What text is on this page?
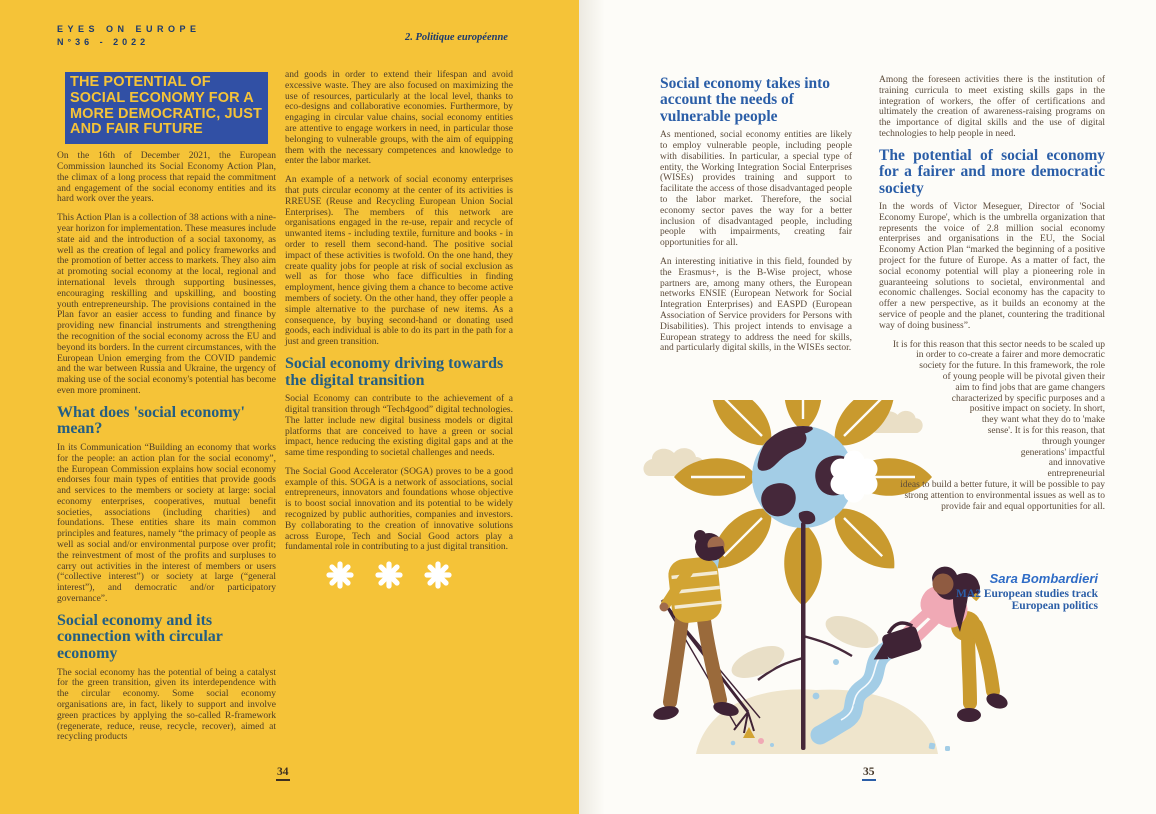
EYES ON EUROPE
N°36 - 2022	2. Politique européenne
THE POTENTIAL OF SOCIAL ECONOMY FOR A MORE DEMOCRATIC, JUST AND FAIR FUTURE

On the 16th of December 2021, the European Commission launched its Social Economy Action Plan, the climax of a long process that repaid the commitment and engagement of the social economy entities and its hard work over the years.

This Action Plan is a collection of 38 actions with a nine-year horizon for implementation. These measures include state aid and the introduction of a social taxonomy, as well as the creation of legal and policy frameworks and the promotion of better access to markets. They also aim at promoting social economy at the local, regional and international levels through supporting businesses, encouraging reskilling and upskilling, and boosting youth entrepreneurship. The provisions contained in the Plan favor an easier access to funding and finance by providing new financial instruments and strengthening the recognition of the social economy across the EU and beyond its borders. In the current circumstances, with the European Union emerging from the COVID pandemic and the war between Russia and Ukraine, the urgency of making use of the social economy's potential has become even more prominent.

What does 'social economy' mean?

In its Communication “Building an economy that works for the people: an action plan for the social economy”, the European Commission explains how social economy endorses four main types of entities that provide goods and services to the members or society at large: social economy enterprises, cooperatives, mutual benefit societies, associations (including charities) and foundations. These entities share its main common principles and features, namely “the primacy of people as well as social and/or environmental purpose over profit; the reinvestment of most of the profits and surpluses to carry out activities in the interest of members or users (“collective interest”) or society at large (“general interest”), and democratic and/or participatory governance”.

Social economy and its connection with circular economy

The social economy has the potential of being a catalyst for the green transition, given its interdependence with the circular economy. Some social economy organisations are, in fact, likely to support and involve green practices by applying the so-called R-framework (regenerate, reduce, reuse, recycle, recover), aimed at recycling products

and goods in order to extend their lifespan and avoid excessive waste. They are also focused on maximizing the use of resources, particularly at the local level, thanks to eco-designs and collaborative economies. Furthermore, by engaging in circular value chains, social economy entities are attentive to engage workers in need, in particular those belonging to vulnerable groups, with the aim of equipping them with the necessary competences and knowledge to enter the labor market.

An example of a network of social economy enterprises that puts circular economy at the center of its activities is RREUSE (Reuse and Recycling European Union Social Enterprises). The members of this network are organisations engaged in the re-use, repair and recycle of unwanted items - including textile, furniture and books - in order to resell them second-hand. The positive social impact of these activities is twofold. On the one hand, they create quality jobs for people at risk of social exclusion as well as for those who face difficulties in finding employment, hence giving them a chance to become active members of society. On the other hand, they offer people a simple alternative to the purchase of new items. As a consequence, by buying second-hand or donating used goods, each individual is able to do its part in the path for a just and green transition.

Social economy driving towards the digital transition

Social Economy can contribute to the achievement of a digital transition through “Tech4good” digital technologies. The latter include new digital business models or digital platforms that are conceived to have a green or social impact, hence reducing the existing digital gaps and at the same time responding to societal challenges and needs.

The Social Good Accelerator (SOGA) proves to be a good example of this. SOGA is a network of associations, social entrepreneurs, innovators and foundations whose objective is to boost social innovation and its potential to be widely recognized by public authorities, companies and investors. By collaborating to the creation of innovative solutions across Europe, Tech and Social Good actors play a fundamental role in contributing to a just digital transition.

34
Social economy takes into account the needs of vulnerable people

As mentioned, social economy entities are likely to employ vulnerable people, including people with disabilities. In particular, a special type of entity, the Working Integration Social Enterprises (WISEs) provides training and support to facilitate the access of those disadvantaged people to the labor market. Therefore, the social economy sector paves the way for a better inclusion of disadvantaged people, including people with impairments, creating fair opportunities for all.

An interesting initiative in this field, founded by the Erasmus+, is the B-Wise project, whose partners are, among many others, the European networks ENSIE (European Network for Social Integration Enterprises) and EASPD (European Association of Service providers for Persons with Disabilities). This project intends to envisage a European strategy to address the need for skills, and particularly digital skills, in the WISEs sector.

Among the foreseen activities there is the institution of training curricula to meet existing skills gaps in the integration of workers, the offer of certifications and ultimately the creation of awareness-raising programs on the importance of digital skills and the use of digital technologies to help people in need.

The potential of social economy for a fairer and more democratic society

In the words of Victor Meseguer, Director of 'Social Economy Europe', which is the umbrella organization that represents the voice of 2.8 million social economy enterprises and organisations in the EU, the Social Economy Action Plan “marked the beginning of a positive project for the future of Europe. As a matter of fact, the social economy potential will play a pioneering role in guaranteeing solutions to societal, environmental and economic challenges. Social economy has the capacity to offer a new perspective, as it builds an economy at the service of people and the planet, countering the traditional way of doing business”.

It is for this reason that this sector needs to be scaled up in order to co-create a fairer and more democratic society for the future. In this framework, the role of young people will be pivotal given their aim to find jobs that are game changers characterized by specific purposes and a positive impact on society. In short, they want what they do to 'make sense'. It is for this reason, that through younger generations' impactful and innovative entrepreneurial ideas to build a better future, it will be possible to pay strong attention to environmental issues as well as to provide fair and equal opportunities for all.

Sara Bombardieri
MA2 European studies track European politics
35
